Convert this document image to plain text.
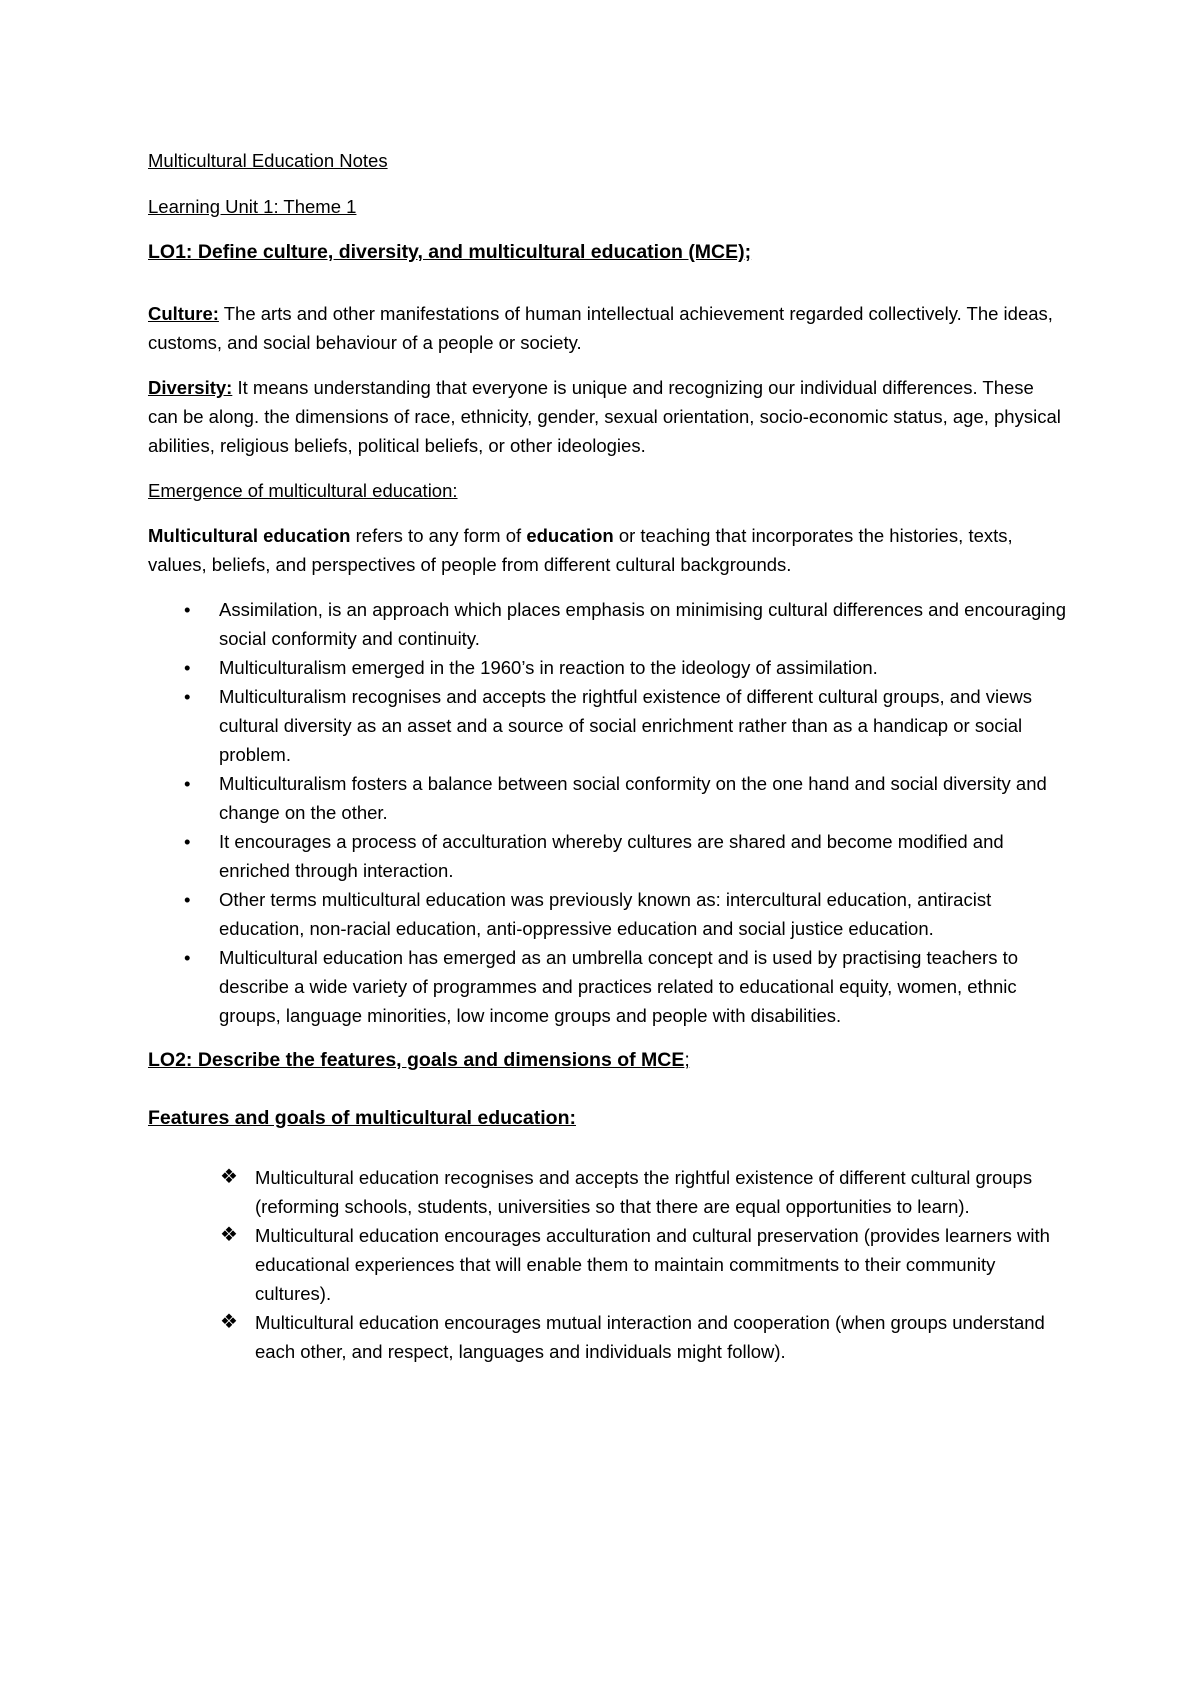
Multicultural Education Notes

Learning Unit 1: Theme 1

LO1: Define culture, diversity, and multicultural education (MCE);

Culture: The arts and other manifestations of human intellectual achievement regarded collectively. The ideas, customs, and social behaviour of a people or society.

Diversity: It means understanding that everyone is unique and recognizing our individual differences. These can be along. the dimensions of race, ethnicity, gender, sexual orientation, socio-economic status, age, physical abilities, religious beliefs, political beliefs, or other ideologies.

Emergence of multicultural education:

Multicultural education refers to any form of education or teaching that incorporates the histories, texts, values, beliefs, and perspectives of people from different cultural backgrounds.

• Assimilation, is an approach which places emphasis on minimising cultural differences and encouraging social conformity and continuity.
• Multiculturalism emerged in the 1960’s in reaction to the ideology of assimilation.
• Multiculturalism recognises and accepts the rightful existence of different cultural groups, and views cultural diversity as an asset and a source of social enrichment rather than as a handicap or social problem.
• Multiculturalism fosters a balance between social conformity on the one hand and social diversity and change on the other.
• It encourages a process of acculturation whereby cultures are shared and become modified and enriched through interaction.
• Other terms multicultural education was previously known as: intercultural education, antiracist education, non-racial education, anti-oppressive education and social justice education.
• Multicultural education has emerged as an umbrella concept and is used by practising teachers to describe a wide variety of programmes and practices related to educational equity, women, ethnic groups, language minorities, low income groups and people with disabilities.

LO2: Describe the features, goals and dimensions of MCE;

Features and goals of multicultural education:

❖ Multicultural education recognises and accepts the rightful existence of different cultural groups (reforming schools, students, universities so that there are equal opportunities to learn).
❖ Multicultural education encourages acculturation and cultural preservation (provides learners with educational experiences that will enable them to maintain commitments to their community cultures).
❖ Multicultural education encourages mutual interaction and cooperation (when groups understand each other, and respect, languages and individuals might follow).
